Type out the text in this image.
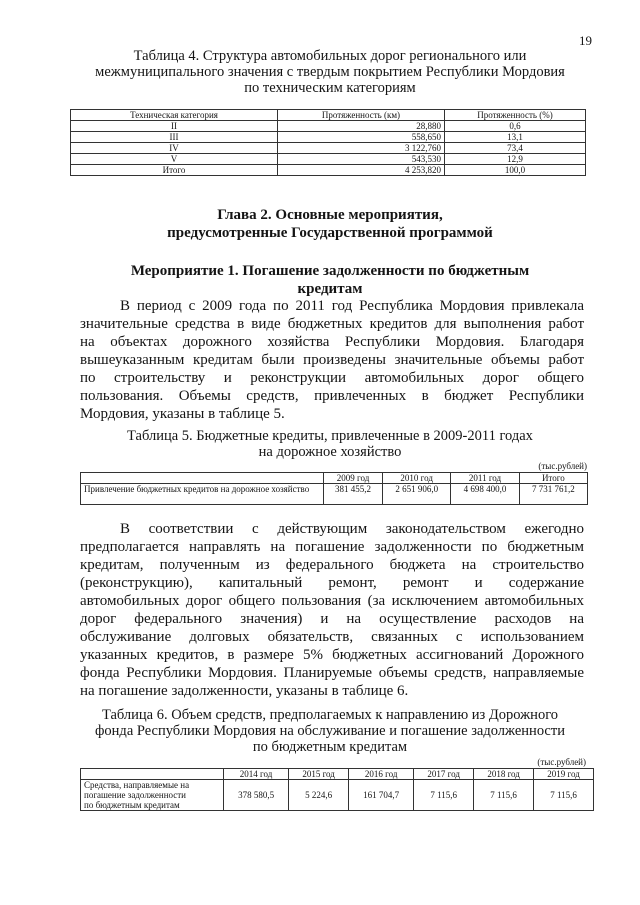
19
Таблица 4. Структура автомобильных дорог регионального или
межмуниципального значения с твердым покрытием Республики Мордовия
по техническим категориям
Техническая категория	Протяженность (км)	Протяженность (%)
II	28,880	0,6
III	558,650	13,1
IV	3 122,760	73,4
V	543,530	12,9
Итого	4 253,820	100,0
Глава 2. Основные мероприятия,
предусмотренные Государственной программой
Мероприятие 1. Погашение задолженности по бюджетным
кредитам
В период с 2009 года по 2011 год Республика Мордовия привлекала
значительные средства в виде бюджетных кредитов для выполнения работ
на объектах дорожного хозяйства Республики Мордовия. Благодаря
вышеуказанным кредитам были произведены значительные объемы работ
по строительству и реконструкции автомобильных дорог общего
пользования. Объемы средств, привлеченных в бюджет Республики
Мордовия, указаны в таблице 5.
Таблица 5. Бюджетные кредиты, привлеченные в 2009-2011 годах
на дорожное хозяйство
(тыс.рублей)
	2009 год	2010 год	2011 год	Итого
Привлечение бюджетных кредитов на дорожное хозяйство	381 455,2	2 651 906,0	4 698 400,0	7 731 761,2
В соответствии с действующим законодательством ежегодно
предполагается направлять на погашение задолженности по бюджетным
кредитам, полученным из федерального бюджета на строительство
(реконструкцию), капитальный ремонт, ремонт и содержание
автомобильных дорог общего пользования (за исключением автомобильных
дорог федерального значения) и на осуществление расходов на
обслуживание долговых обязательств, связанных с использованием
указанных кредитов, в размере 5% бюджетных ассигнований Дорожного
фонда Республики Мордовия. Планируемые объемы средств, направляемые
на погашение задолженности, указаны в таблице 6.
Таблица 6. Объем средств, предполагаемых к направлению из Дорожного
фонда Республики Мордовия на обслуживание и погашение задолженности
по бюджетным кредитам
(тыс.рублей)
	2014 год	2015 год	2016 год	2017 год	2018 год	2019 год

Средства, направляемые на
погашение задолженности
по бюджетным кредитам	378 580,5	5 224,6	161 704,7	7 115,6	7 115,6	7 115,6
